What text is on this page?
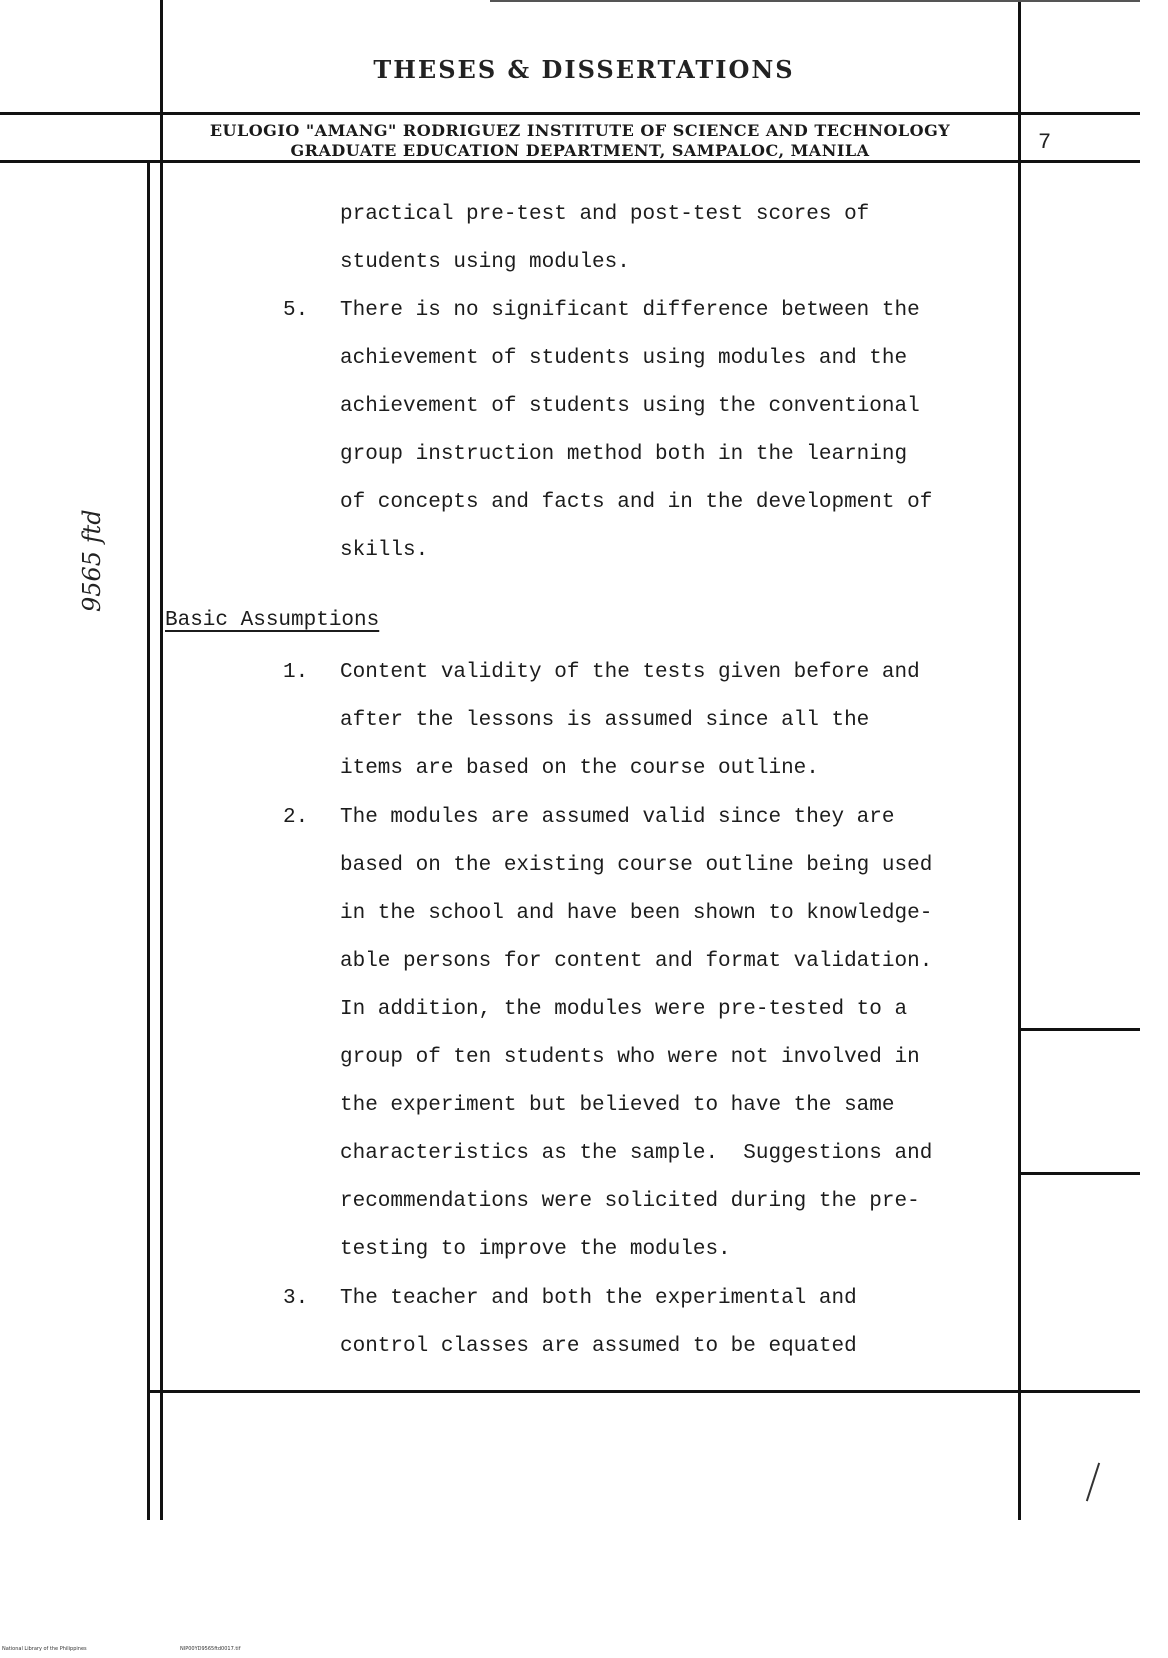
THESES & DISSERTATIONS
EULOGIO "AMANG" RODRIGUEZ INSTITUTE OF SCIENCE AND TECHNOLOGY
GRADUATE EDUCATION DEPARTMENT, SAMPALOC, MANILA	7
9565 ftd
practical pre-test and post-test scores of
students using modules.
5. There is no significant difference between the
achievement of students using modules and the
achievement of students using the conventional
group instruction method both in the learning
of concepts and facts and in the development of
skills.
Basic Assumptions
1. Content validity of the tests given before and
after the lessons is assumed since all the
items are based on the course outline.
2. The modules are assumed valid since they are
based on the existing course outline being used
in the school and have been shown to knowledge-
able persons for content and format validation.
In addition, the modules were pre-tested to a
group of ten students who were not involved in
the experiment but believed to have the same
characteristics as the sample.  Suggestions and
recommendations were solicited during the pre-
testing to improve the modules.
3. The teacher and both the experimental and
control classes are assumed to be equated
National Library of the Philippines	NIP00YD9565ftd0017.tif
